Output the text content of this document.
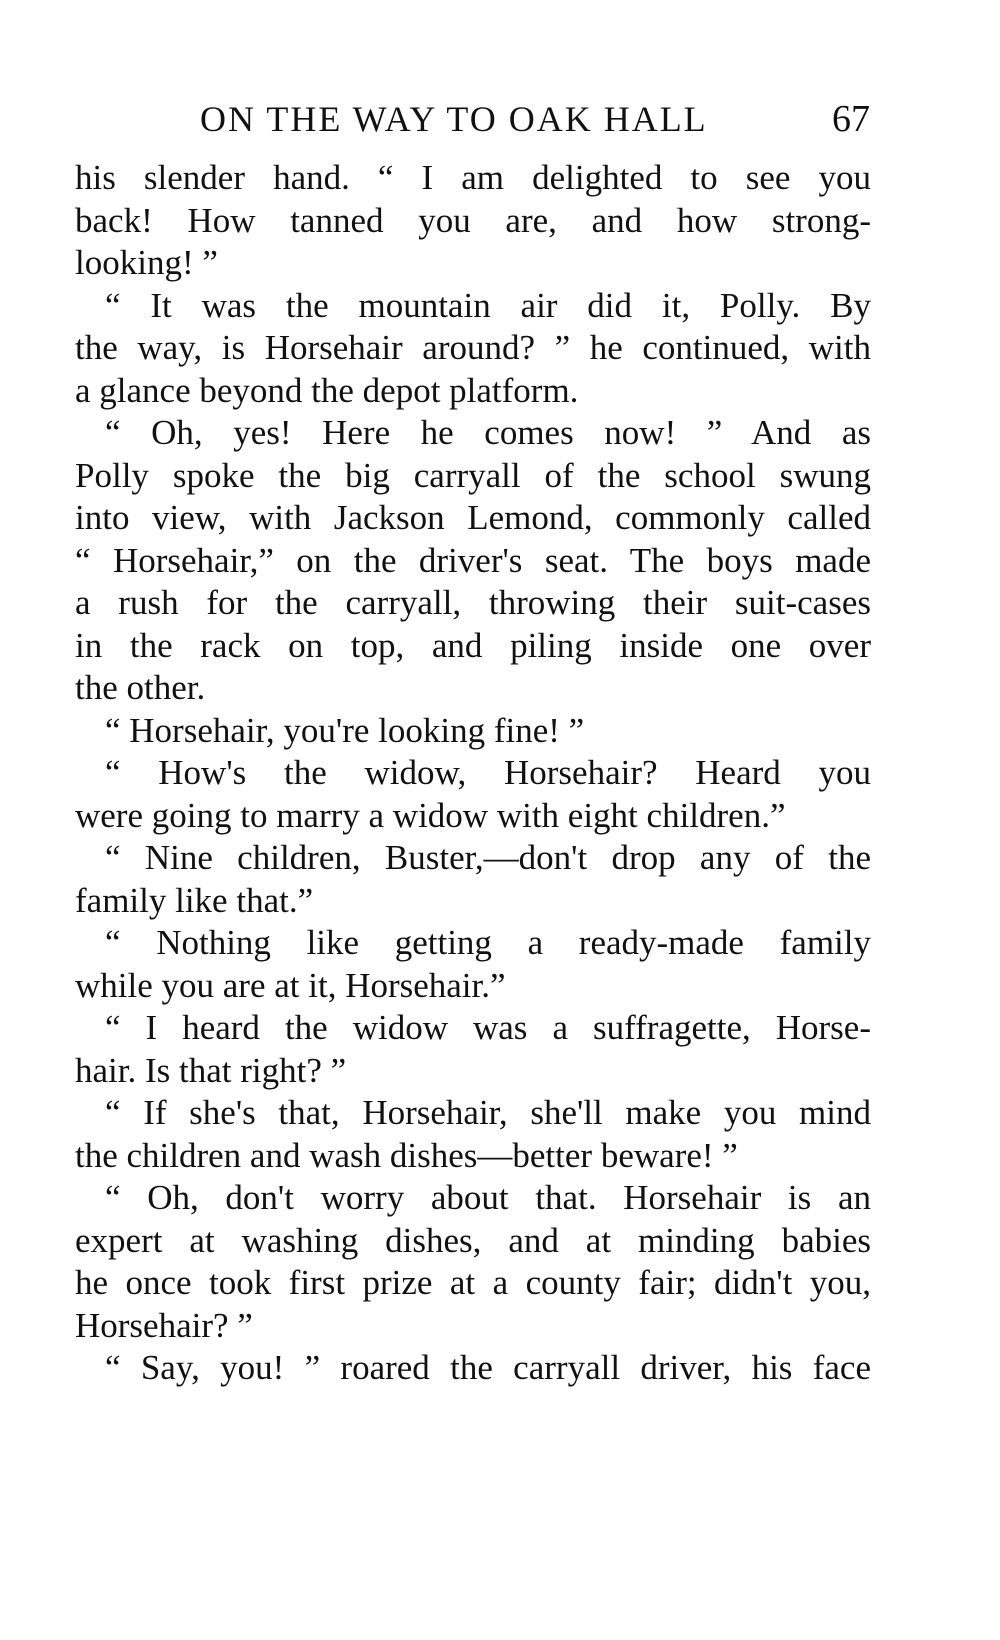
ON THE WAY TO OAK HALL	67
his slender hand. “ I am delighted to see you
back! How tanned you are, and how strong-
looking! ”
“ It was the mountain air did it, Polly. By
the way, is Horsehair around? ” he continued, with
a glance beyond the depot platform.
“ Oh, yes! Here he comes now! ” And as
Polly spoke the big carryall of the school swung
into view, with Jackson Lemond, commonly called
“ Horsehair,” on the driver's seat. The boys made
a rush for the carryall, throwing their suit-cases
in the rack on top, and piling inside one over
the other.
“ Horsehair, you're looking fine! ”
“ How's the widow, Horsehair? Heard you
were going to marry a widow with eight children.”
“ Nine children, Buster,—don't drop any of the
family like that.”
“ Nothing like getting a ready-made family
while you are at it, Horsehair.”
“ I heard the widow was a suffragette, Horse-
hair. Is that right? ”
“ If she's that, Horsehair, she'll make you mind
the children and wash dishes—better beware! ”
“ Oh, don't worry about that. Horsehair is an
expert at washing dishes, and at minding babies
he once took first prize at a county fair; didn't you,
Horsehair? ”
“ Say, you! ” roared the carryall driver, his face
